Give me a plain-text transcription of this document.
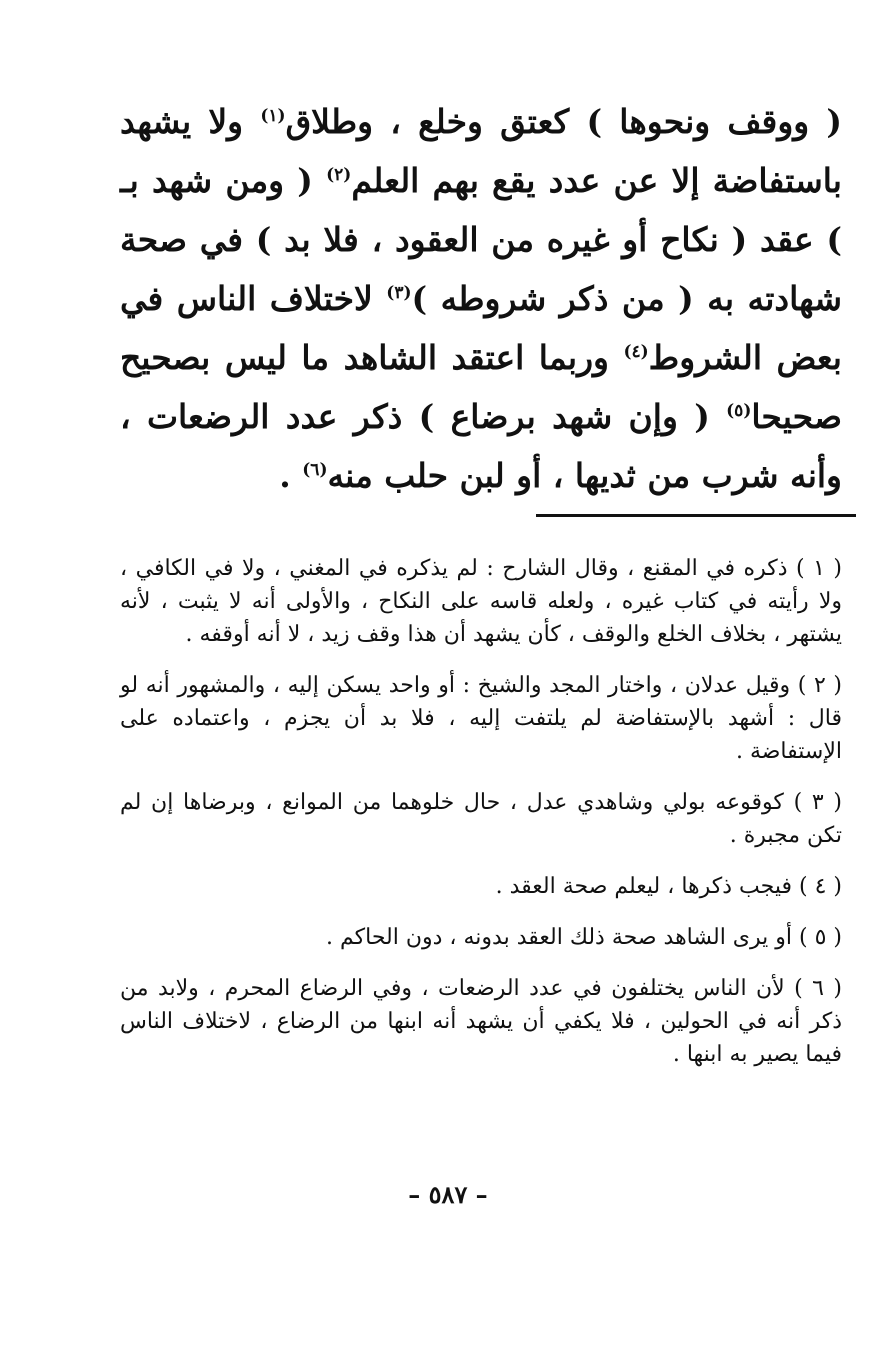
( ووقف ونحوها ) كعتق وخلع ، وطلاق$^{(١)}$ ولا يشهد باستفاضة إلا عن عدد يقع بهم العلم$^{(٢)}$ ( ومن شهد بـ ) عقد ( نكاح أو غيره من العقود ، فلا بد ) في صحة شهادته به ( من ذكر شروطه )$^{(٣)}$ لاختلاف الناس في بعض الشروط$^{(٤)}$ وربما اعتقد الشاهد ما ليس بصحيح صحيحا$^{(٥)}$ ( وإن شهد برضاع ) ذكر عدد الرضعات ، وأنه شرب من ثديها ، أو لبن حلب منه$^{(٦)}$ .

( ١ ) ذكره في المقنع ، وقال الشارح : لم يذكره في المغني ، ولا في الكافي ، ولا رأيته في كتاب غيره ، ولعله قاسه على النكاح ، والأولى أنه لا يثبت ، لأنه يشتهر ، بخلاف الخلع والوقف ، كأن يشهد أن هذا وقف زيد ، لا أنه أوقفه .

( ٢ ) وقيل عدلان ، واختار المجد والشيخ : أو واحد يسكن إليه ، والمشهور أنه لو قال : أشهد بالإستفاضة لم يلتفت إليه ، فلا بد أن يجزم ، واعتماده على الإستفاضة .

( ٣ ) كوقوعه بولي وشاهدي عدل ، حال خلوهما من الموانع ، وبرضاها إن لم تكن مجبرة .

( ٤ ) فيجب ذكرها ، ليعلم صحة العقد .

( ٥ ) أو يرى الشاهد صحة ذلك العقد بدونه ، دون الحاكم .

( ٦ ) لأن الناس يختلفون في عدد الرضعات ، وفي الرضاع المحرم ، ولابد من ذكر أنه في الحولين ، فلا يكفي أن يشهد أنه ابنها من الرضاع ، لاختلاف الناس فيما يصير به ابنها .

– ٥٨٧ –
